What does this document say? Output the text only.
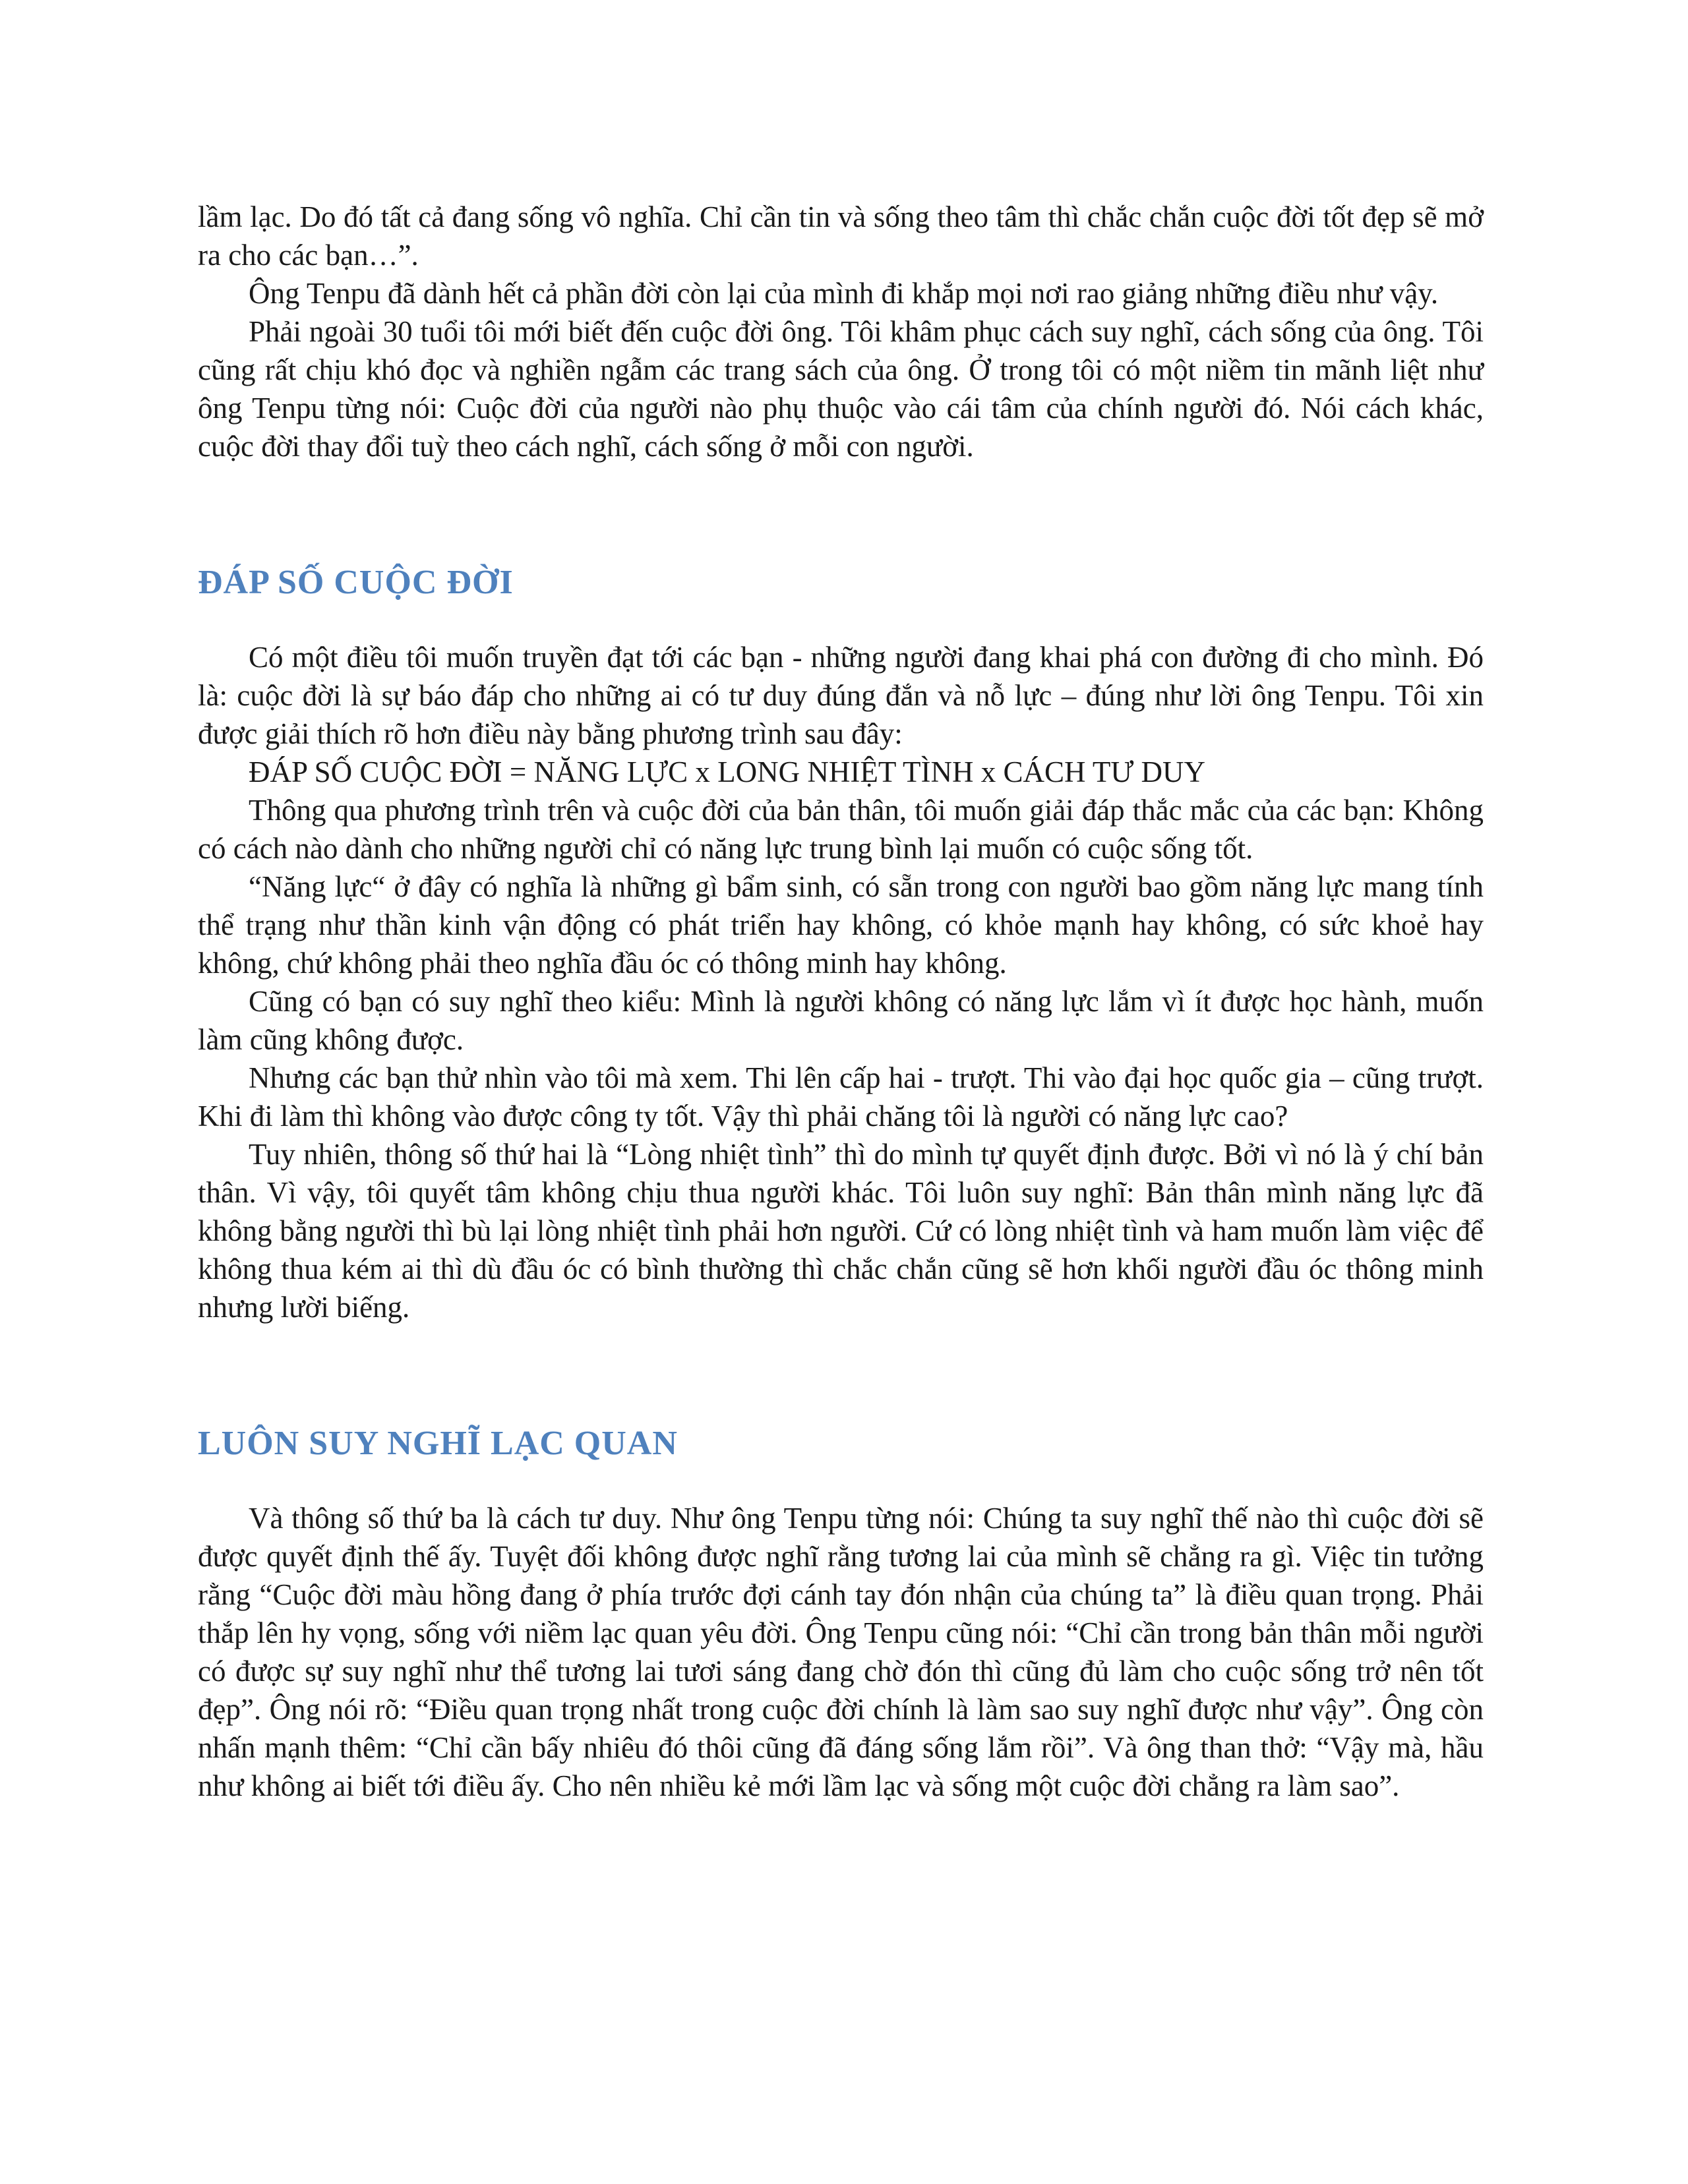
lầm lạc. Do đó tất cả đang sống vô nghĩa. Chỉ cần tin và sống theo tâm thì chắc chắn cuộc đời tốt đẹp sẽ mở ra cho các bạn…”.

Ông Tenpu đã dành hết cả phần đời còn lại của mình đi khắp mọi nơi rao giảng những điều như vậy.

Phải ngoài 30 tuổi tôi mới biết đến cuộc đời ông. Tôi khâm phục cách suy nghĩ, cách sống của ông. Tôi cũng rất chịu khó đọc và nghiền ngẫm các trang sách của ông. Ở trong tôi có một niềm tin mãnh liệt như ông Tenpu từng nói: Cuộc đời của người nào phụ thuộc vào cái tâm của chính người đó. Nói cách khác, cuộc đời thay đổi tuỳ theo cách nghĩ, cách sống ở mỗi con người.

ĐÁP SỐ CUỘC ĐỜI

Có một điều tôi muốn truyền đạt tới các bạn - những người đang khai phá con đường đi cho mình. Đó là: cuộc đời là sự báo đáp cho những ai có tư duy đúng đắn và nỗ lực – đúng như lời ông Tenpu. Tôi xin được giải thích rõ hơn điều này bằng phương trình sau đây:

ĐÁP SỐ CUỘC ĐỜI = NĂNG LỰC x LONG NHIỆT TÌNH x CÁCH TƯ DUY

Thông qua phương trình trên và cuộc đời của bản thân, tôi muốn giải đáp thắc mắc của các bạn: Không có cách nào dành cho những người chỉ có năng lực trung bình lại muốn có cuộc sống tốt.

“Năng lực“ ở đây có nghĩa là những gì bẩm sinh, có sẵn trong con người bao gồm năng lực mang tính thể trạng như thần kinh vận động có phát triển hay không, có khỏe mạnh hay không, có sức khoẻ hay không, chứ không phải theo nghĩa đầu óc có thông minh hay không.

Cũng có bạn có suy nghĩ theo kiểu: Mình là người không có năng lực lắm vì ít được học hành, muốn làm cũng không được.

Nhưng các bạn thử nhìn vào tôi mà xem. Thi lên cấp hai - trượt. Thi vào đại học quốc gia – cũng trượt. Khi đi làm thì không vào được công ty tốt. Vậy thì phải chăng tôi là người có năng lực cao?

Tuy nhiên, thông số thứ hai là “Lòng nhiệt tình” thì do mình tự quyết định được. Bởi vì nó là ý chí bản thân. Vì vậy, tôi quyết tâm không chịu thua người khác. Tôi luôn suy nghĩ: Bản thân mình năng lực đã không bằng người thì bù lại lòng nhiệt tình phải hơn người. Cứ có lòng nhiệt tình và ham muốn làm việc để không thua kém ai thì dù đầu óc có bình thường thì chắc chắn cũng sẽ hơn khối người đầu óc thông minh nhưng lười biếng.

LUÔN SUY NGHĨ LẠC QUAN

Và thông số thứ ba là cách tư duy. Như ông Tenpu từng nói: Chúng ta suy nghĩ thế nào thì cuộc đời sẽ được quyết định thế ấy. Tuyệt đối không được nghĩ rằng tương lai của mình sẽ chẳng ra gì. Việc tin tưởng rằng “Cuộc đời màu hồng đang ở phía trước đợi cánh tay đón nhận của chúng ta” là điều quan trọng. Phải thắp lên hy vọng, sống với niềm lạc quan yêu đời. Ông Tenpu cũng nói: “Chỉ cần trong bản thân mỗi người có được sự suy nghĩ như thể tương lai tươi sáng đang chờ đón thì cũng đủ làm cho cuộc sống trở nên tốt đẹp”. Ông nói rõ: “Điều quan trọng nhất trong cuộc đời chính là làm sao suy nghĩ được như vậy”. Ông còn nhấn mạnh thêm: “Chỉ cần bấy nhiêu đó thôi cũng đã đáng sống lắm rồi”. Và ông than thở: “Vậy mà, hầu như không ai biết tới điều ấy. Cho nên nhiều kẻ mới lầm lạc và sống một cuộc đời chẳng ra làm sao”.
